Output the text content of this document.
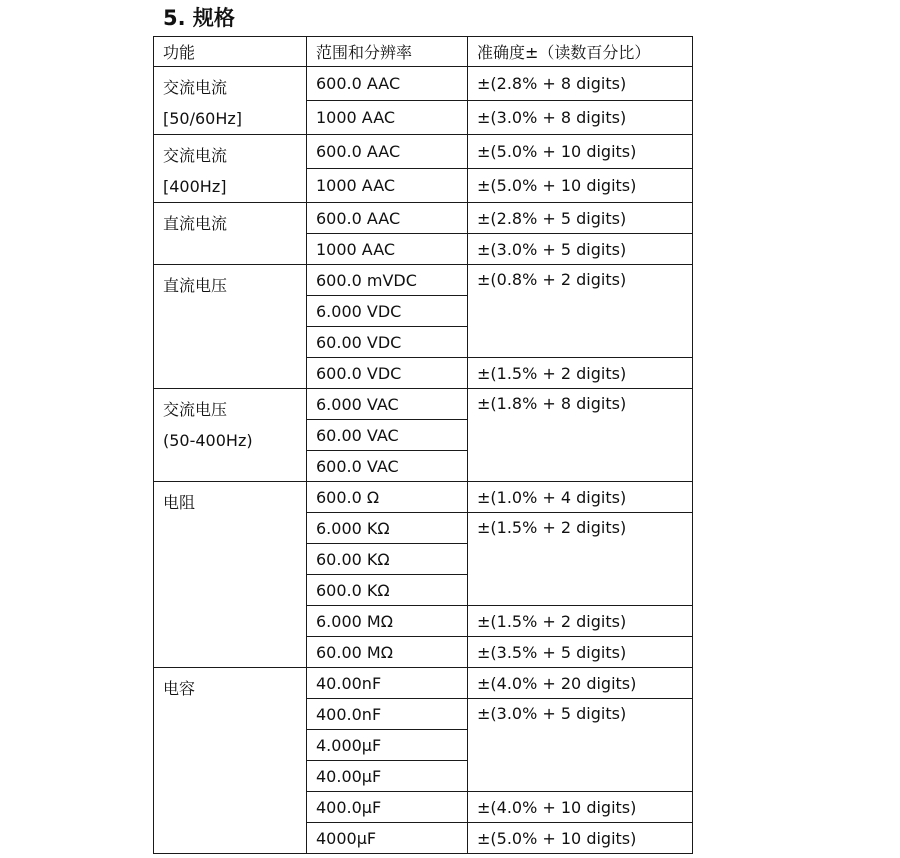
5. 规格
功能	范围和分辨率	准确度±（读数百分比）

交流电流
[50/60Hz]	600.0 AAC	±(2.8% + 8 digits)
	1000 AAC	±(3.0% + 8 digits)

交流电流
[400Hz]	600.0 AAC	±(5.0% + 10 digits)
	1000 AAC	±(5.0% + 10 digits)

直流电流	600.0 AAC	±(2.8% + 5 digits)
	1000 AAC	±(3.0% + 5 digits)

直流电压	600.0 mVDC	±(0.8% + 2 digits)
	6.000 VDC	
	60.00 VDC	
	600.0 VDC	±(1.5% + 2 digits)

交流电压
(50-400Hz)	6.000 VAC	±(1.8% + 8 digits)
	60.00 VAC	
	600.0 VAC	

电阻	600.0 Ω	±(1.0% + 4 digits)
	6.000 KΩ	±(1.5% + 2 digits)
	60.00 KΩ	
	600.0 KΩ	
	6.000 MΩ	±(1.5% + 2 digits)
	60.00 MΩ	±(3.5% + 5 digits)

电容	40.00nF	±(4.0% + 20 digits)
	400.0nF	±(3.0% + 5 digits)
	4.000µF	
	40.00µF	
	400.0µF	±(4.0% + 10 digits)
	4000µF	±(5.0% + 10 digits)
